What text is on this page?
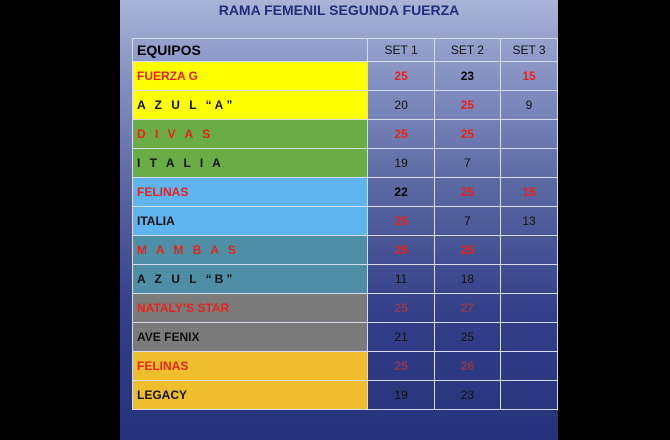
RAMA FEMENIL SEGUNDA FUERZA
EQUIPOS	SET 1	SET 2	SET 3
FUERZA G	25	23	15
A Z U L “A”	20	25	9
D I V A S	25	25	
I T A L I A	19	7	
FELINAS	22	25	15
ITALIA	25	7	13
M A M B A S	25	25	
A Z U L “B”	11	18	
NATALY’S STAR	25	27	
AVE FENIX	21	25	
FELINAS	25	26	
LEGACY	19	23	
